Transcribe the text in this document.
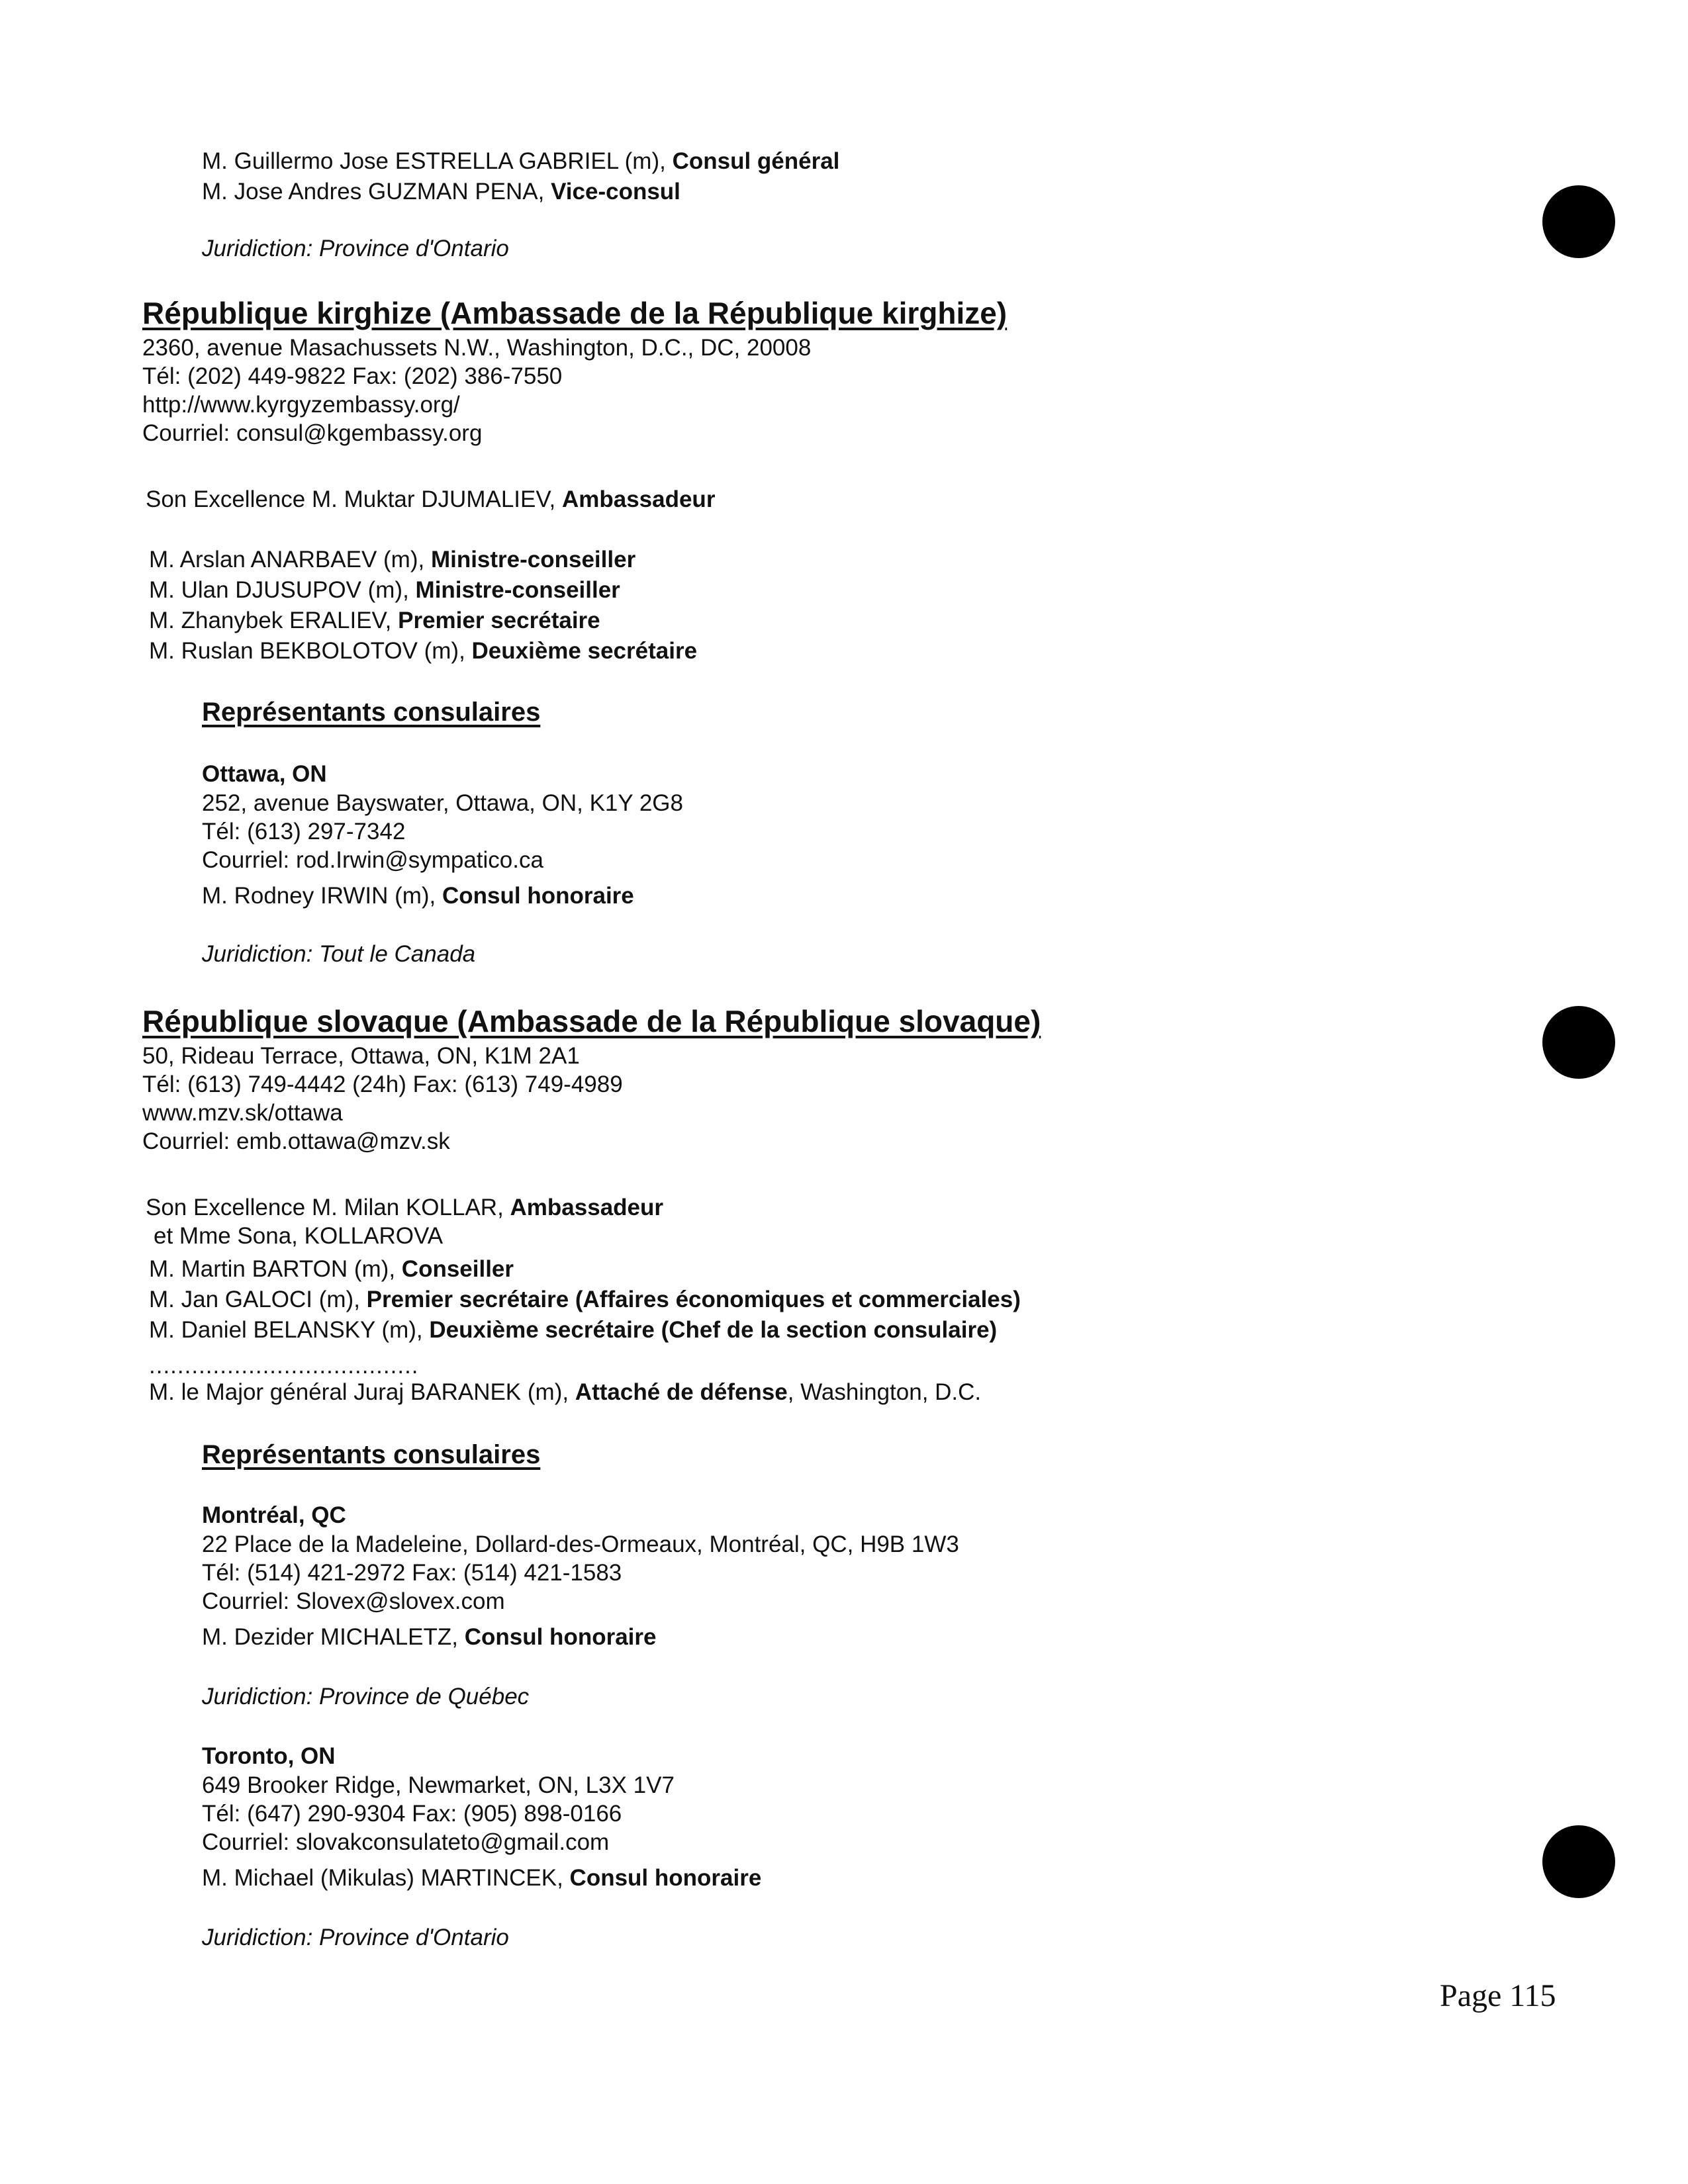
M. Guillermo Jose ESTRELLA GABRIEL (m), Consul général
M. Jose Andres GUZMAN PENA, Vice-consul
Juridiction: Province d'Ontario
République kirghize (Ambassade de la République kirghize)
2360, avenue Masachussets N.W., Washington, D.C., DC, 20008
Tél: (202) 449-9822 Fax: (202) 386-7550
http://www.kyrgyzembassy.org/
Courriel: consul@kgembassy.org
Son Excellence M. Muktar DJUMALIEV, Ambassadeur
M. Arslan ANARBAEV (m), Ministre-conseiller
M. Ulan DJUSUPOV (m), Ministre-conseiller
M. Zhanybek ERALIEV, Premier secrétaire
M. Ruslan BEKBOLOTOV (m), Deuxième secrétaire
Représentants consulaires
Ottawa, ON
252, avenue Bayswater, Ottawa, ON, K1Y 2G8
Tél: (613) 297-7342
Courriel: rod.Irwin@sympatico.ca
M. Rodney IRWIN (m), Consul honoraire
Juridiction: Tout le Canada
République slovaque (Ambassade de la République slovaque)
50, Rideau Terrace, Ottawa, ON, K1M 2A1
Tél: (613) 749-4442 (24h) Fax: (613) 749-4989
www.mzv.sk/ottawa
Courriel: emb.ottawa@mzv.sk
Son Excellence M. Milan KOLLAR, Ambassadeur
et Mme Sona, KOLLAROVA
M. Martin BARTON (m), Conseiller
M. Jan GALOCI (m), Premier secrétaire (Affaires économiques et commerciales)
M. Daniel BELANSKY (m), Deuxième secrétaire (Chef de la section consulaire)
......................................
M. le Major général Juraj BARANEK (m), Attaché de défense, Washington, D.C.
Représentants consulaires
Montréal, QC
22 Place de la Madeleine, Dollard-des-Ormeaux, Montréal, QC, H9B 1W3
Tél: (514) 421-2972 Fax: (514) 421-1583
Courriel: Slovex@slovex.com
M. Dezider MICHALETZ, Consul honoraire
Juridiction: Province de Québec
Toronto, ON
649 Brooker Ridge, Newmarket, ON, L3X 1V7
Tél: (647) 290-9304 Fax: (905) 898-0166
Courriel: slovakconsulateto@gmail.com
M. Michael (Mikulas) MARTINCEK, Consul honoraire
Juridiction: Province d'Ontario
Page 115
